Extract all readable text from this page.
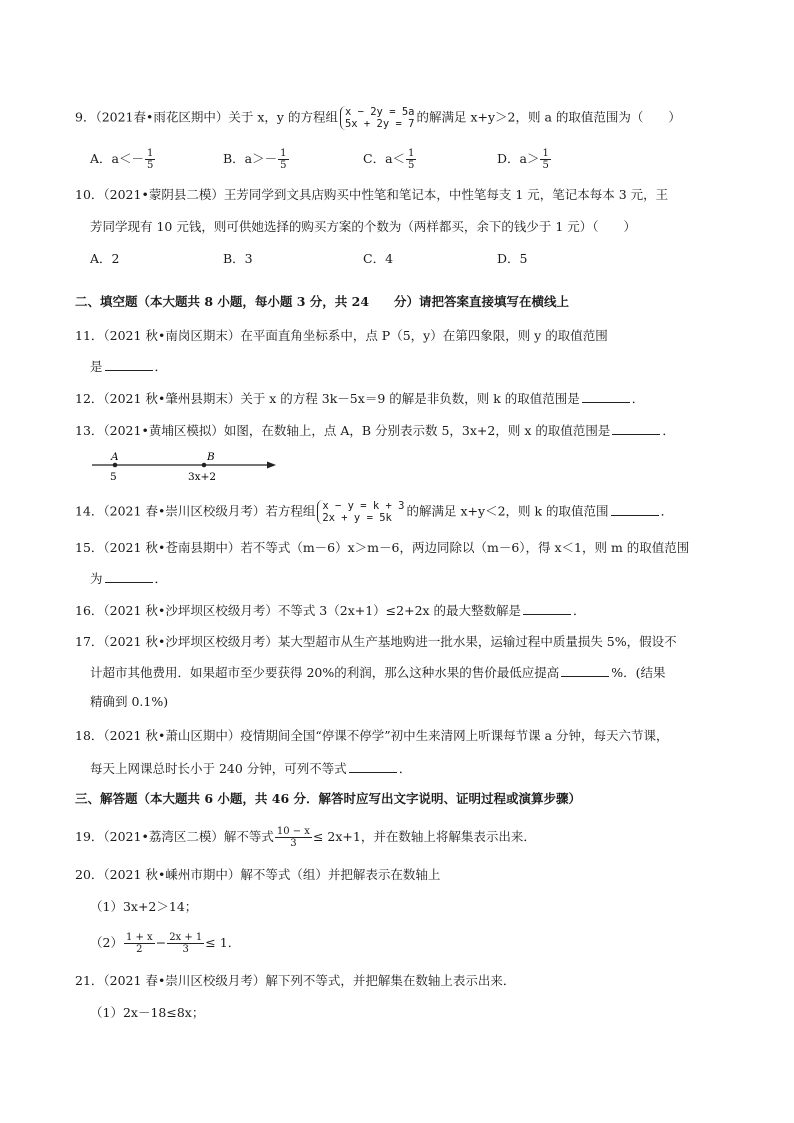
9．（2021春•雨花区期中）关于 x，y 的方程组 x − 2y = 5a
5x + 2y = 7 的解满足 x+y＞2，则 a 的取值范围为（　　）
A．$a<- \frac{1}{5}$	B．$a>- \frac{1}{5}$	C．$a< \frac{1}{5}$	D．$a> \frac{1}{5}$
10．（2021•蒙阴县二模）王芳同学到文具店购买中性笔和笔记本，中性笔每支 1 元，笔记本每本 3 元，王
芳同学现有 10 元钱，则可供她选择的购买方案的个数为（两样都买，余下的钱少于 1 元）（　　）
A．2	B．3	C．4	D．5
二、填空题（本大题共 8 小题，每小题 3 分，共 24　　分）请把答案直接填写在横线上
11．（2021 秋•南岗区期末）在平面直角坐标系中，点 P（5，y）在第四象限，则 y 的取值范围
是	．
12．（2021 秋•肇州县期末）关于 x 的方程 3k－5x＝9 的解是非负数，则 k 的取值范围是	．
13．（2021•黄埔区模拟）如图，在数轴上，点 A，B 分别表示数 5，3x+2，则 x 的取值范围是	．
A	B
5	3x+2
14．（2021 春•崇川区校级月考）若方程组 x − y = k + 3
2x + y = 5k	的解满足 x+y＜2，则 k 的取值范围	．
15．（2021 秋•苍南县期中）若不等式（m－6）x＞m－6，两边同除以（m－6），得 x＜1，则 m 的取值范围
为	．
16．（2021 秋•沙坪坝区校级月考）不等式 3（2x+1）≤2+2x 的最大整数解是	．
17．（2021 秋•沙坪坝区校级月考）某大型超市从生产基地购进一批水果，运输过程中质量损失 5%，假设不
计超市其他费用．如果超市至少要获得 20%的利润，那么这种水果的售价最低应提高	%．(结果
精确到 0.1%)
18．（2021 秋•萧山区期中）疫情期间全国“停课不停学”初中生来清网上听课每节课 a 分钟，每天六节课，
每天上网课总时长小于 240 分钟，可列不等式	．
三、解答题（本大题共 6 小题，共 46 分．解答时应写出文字说明、证明过程或演算步骤）
19．（2021•荔湾区二模）解不等式 $\frac{10 - x}{3} \le 2x+1$，并在数轴上将解集表示出来．
20．（2021 秋•嵊州市期中）解不等式（组）并把解表示在数轴上
（1）3x+2＞14；
$(2) \frac{1 + x}{2} - \frac{2x + 1}{3} \le 1$．
21．（2021 春•崇川区校级月考）解下列不等式，并把解集在数轴上表示出来．
（1）2x－18≤8x；
